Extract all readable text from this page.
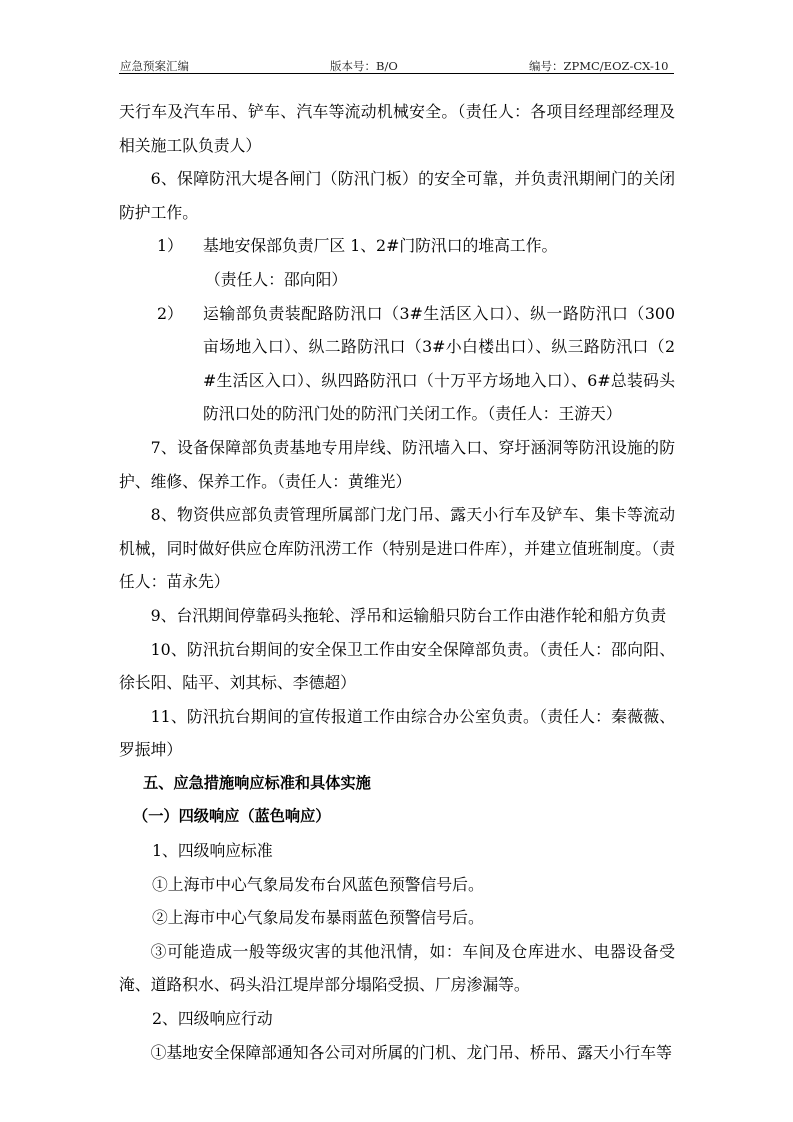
应急预案汇编	版本号：B/O	编号：ZPMC/EOZ-CX-10

天行车及汽车吊、铲车、汽车等流动机械安全。（责任人：各项目经理部经理及相关施工队负责人）

6、保障防汛大堤各闸门（防汛门板）的安全可靠，并负责汛期闸门的关闭防护工作。

1） 基地安保部负责厂区 1、2#门防汛口的堆高工作。
（责任人：邵向阳）
2） 运输部负责装配路防汛口（3#生活区入口）、纵一路防汛口（300 亩场地入口）、纵二路防汛口（3#小白楼出口）、纵三路防汛口（2#生活区入口）、纵四路防汛口（十万平方场地入口）、6#总装码头防汛口处的防汛门处的防汛门关闭工作。（责任人：王游天）

7、设备保障部负责基地专用岸线、防汛墙入口、穿圩涵洞等防汛设施的防护、维修、保养工作。（责任人：黄维光）

8、物资供应部负责管理所属部门龙门吊、露天小行车及铲车、集卡等流动机械，同时做好供应仓库防汛涝工作（特别是进口件库），并建立值班制度。（责任人：苗永先）

9、台汛期间停靠码头拖轮、浮吊和运输船只防台工作由港作轮和船方负责

10、防汛抗台期间的安全保卫工作由安全保障部负责。（责任人：邵向阳、徐长阳、陆平、刘其标、李德超）

11、防汛抗台期间的宣传报道工作由综合办公室负责。（责任人：秦薇薇、罗振坤）

五、应急措施响应标准和具体实施

（一）四级响应（蓝色响应）

1、四级响应标准

①上海市中心气象局发布台风蓝色预警信号后。

②上海市中心气象局发布暴雨蓝色预警信号后。

③可能造成一般等级灾害的其他汛情，如：车间及仓库进水、电器设备受淹、道路积水、码头沿江堤岸部分塌陷受损、厂房渗漏等。

2、四级响应行动

①基地安全保障部通知各公司对所属的门机、龙门吊、桥吊、露天小行车等
